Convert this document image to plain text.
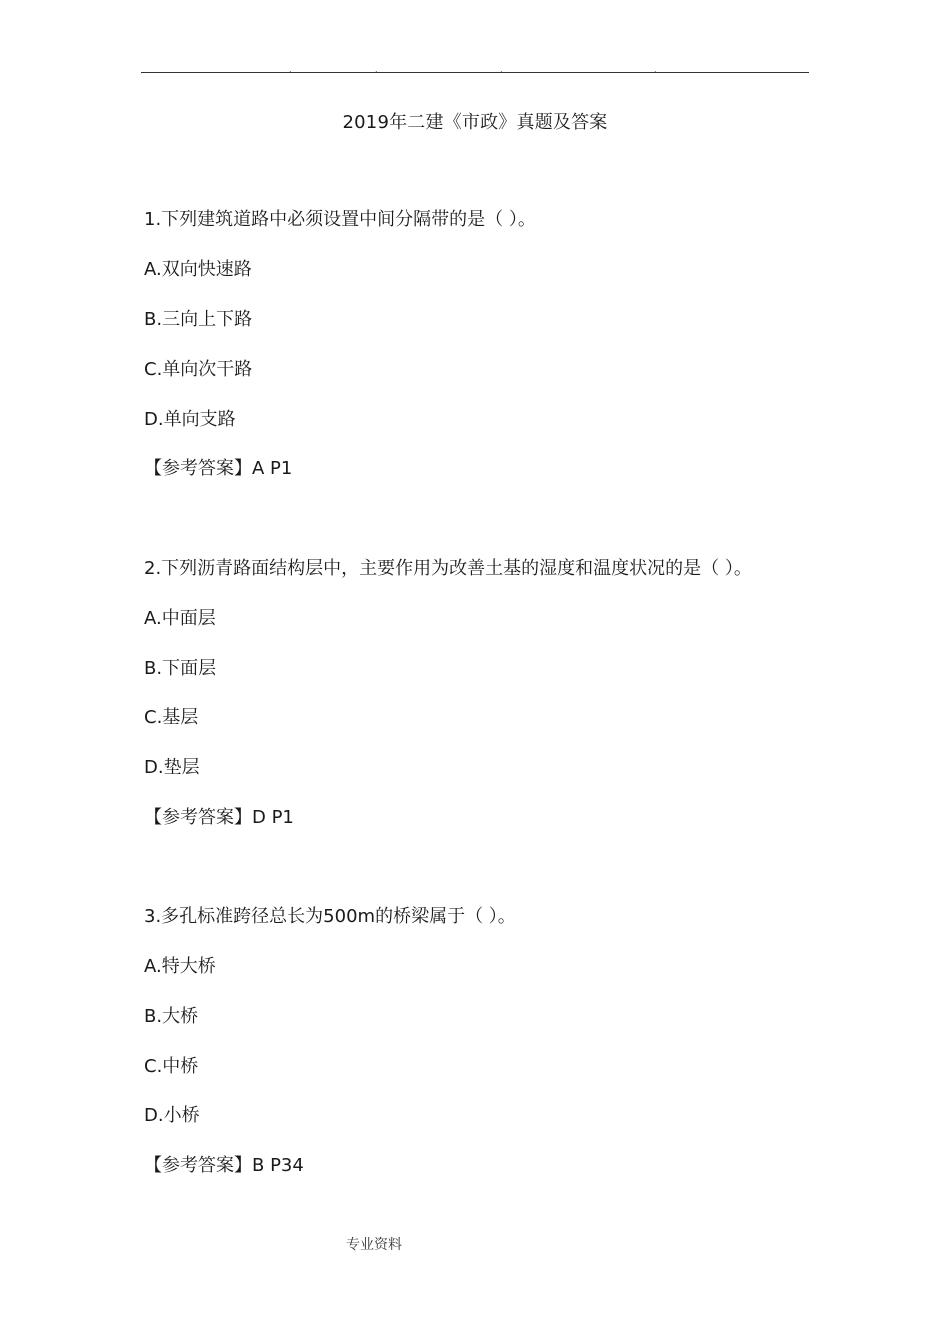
.	.	.	.
2019年二建《市政》真题及答案
1.下列建筑道路中必须设置中间分隔带的是（ ）。
A.双向快速路
B.三向上下路
C.单向次干路
D.单向支路
【参考答案】A P1
2.下列沥青路面结构层中，主要作用为改善土基的湿度和温度状况的是（ ）。
A.中面层
B.下面层
C.基层
D.垫层
【参考答案】D P1
3.多孔标准跨径总长为500m的桥梁属于（ ）。
A.特大桥
B.大桥
C.中桥
D.小桥
【参考答案】B P34
专业资料
